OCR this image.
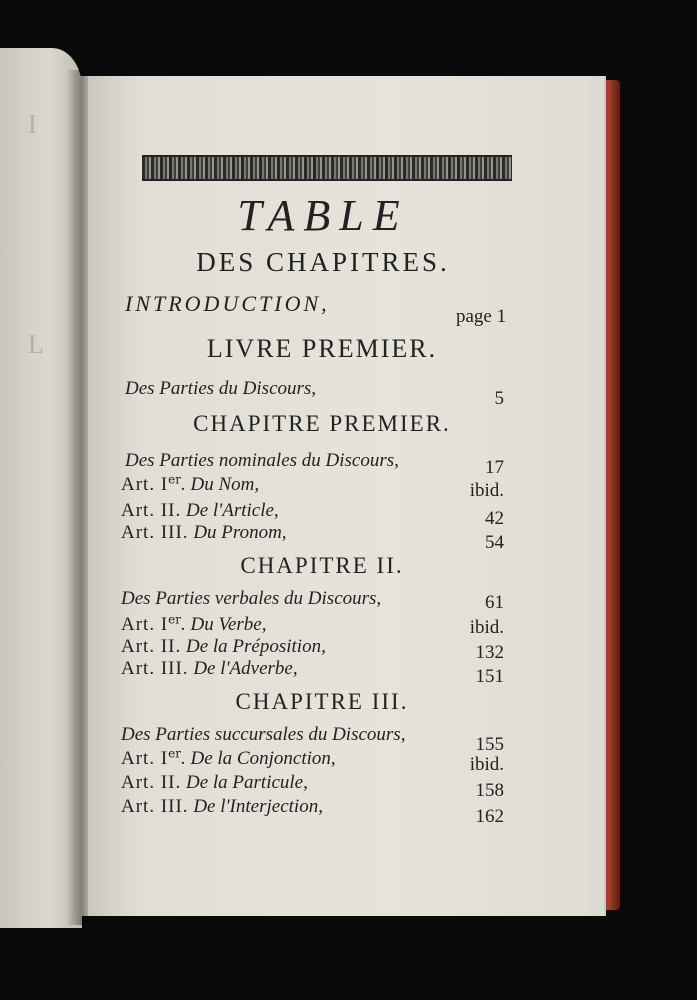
I
L
TABLE
DES CHAPITRES.
INTRODUCTION,
page 1
LIVRE PREMIER.
Des Parties du Discours,	5
CHAPITRE PREMIER.
Des Parties nominales du Discours,	17
Art. Ier. Du Nom,	ibid.
Art. II. De l'Article,	42
Art. III. Du Pronom,	54
CHAPITRE II.
Des Parties verbales du Discours,	61
Art. Ier. Du Verbe,	ibid.
Art. II. De la Préposition,	132
Art. III. De l'Adverbe,	151
CHAPITRE III.
Des Parties succursales du Discours,	155
Art. Ier. De la Conjonction,	ibid.
Art. II. De la Particule,	158
Art. III. De l'Interjection,	162
